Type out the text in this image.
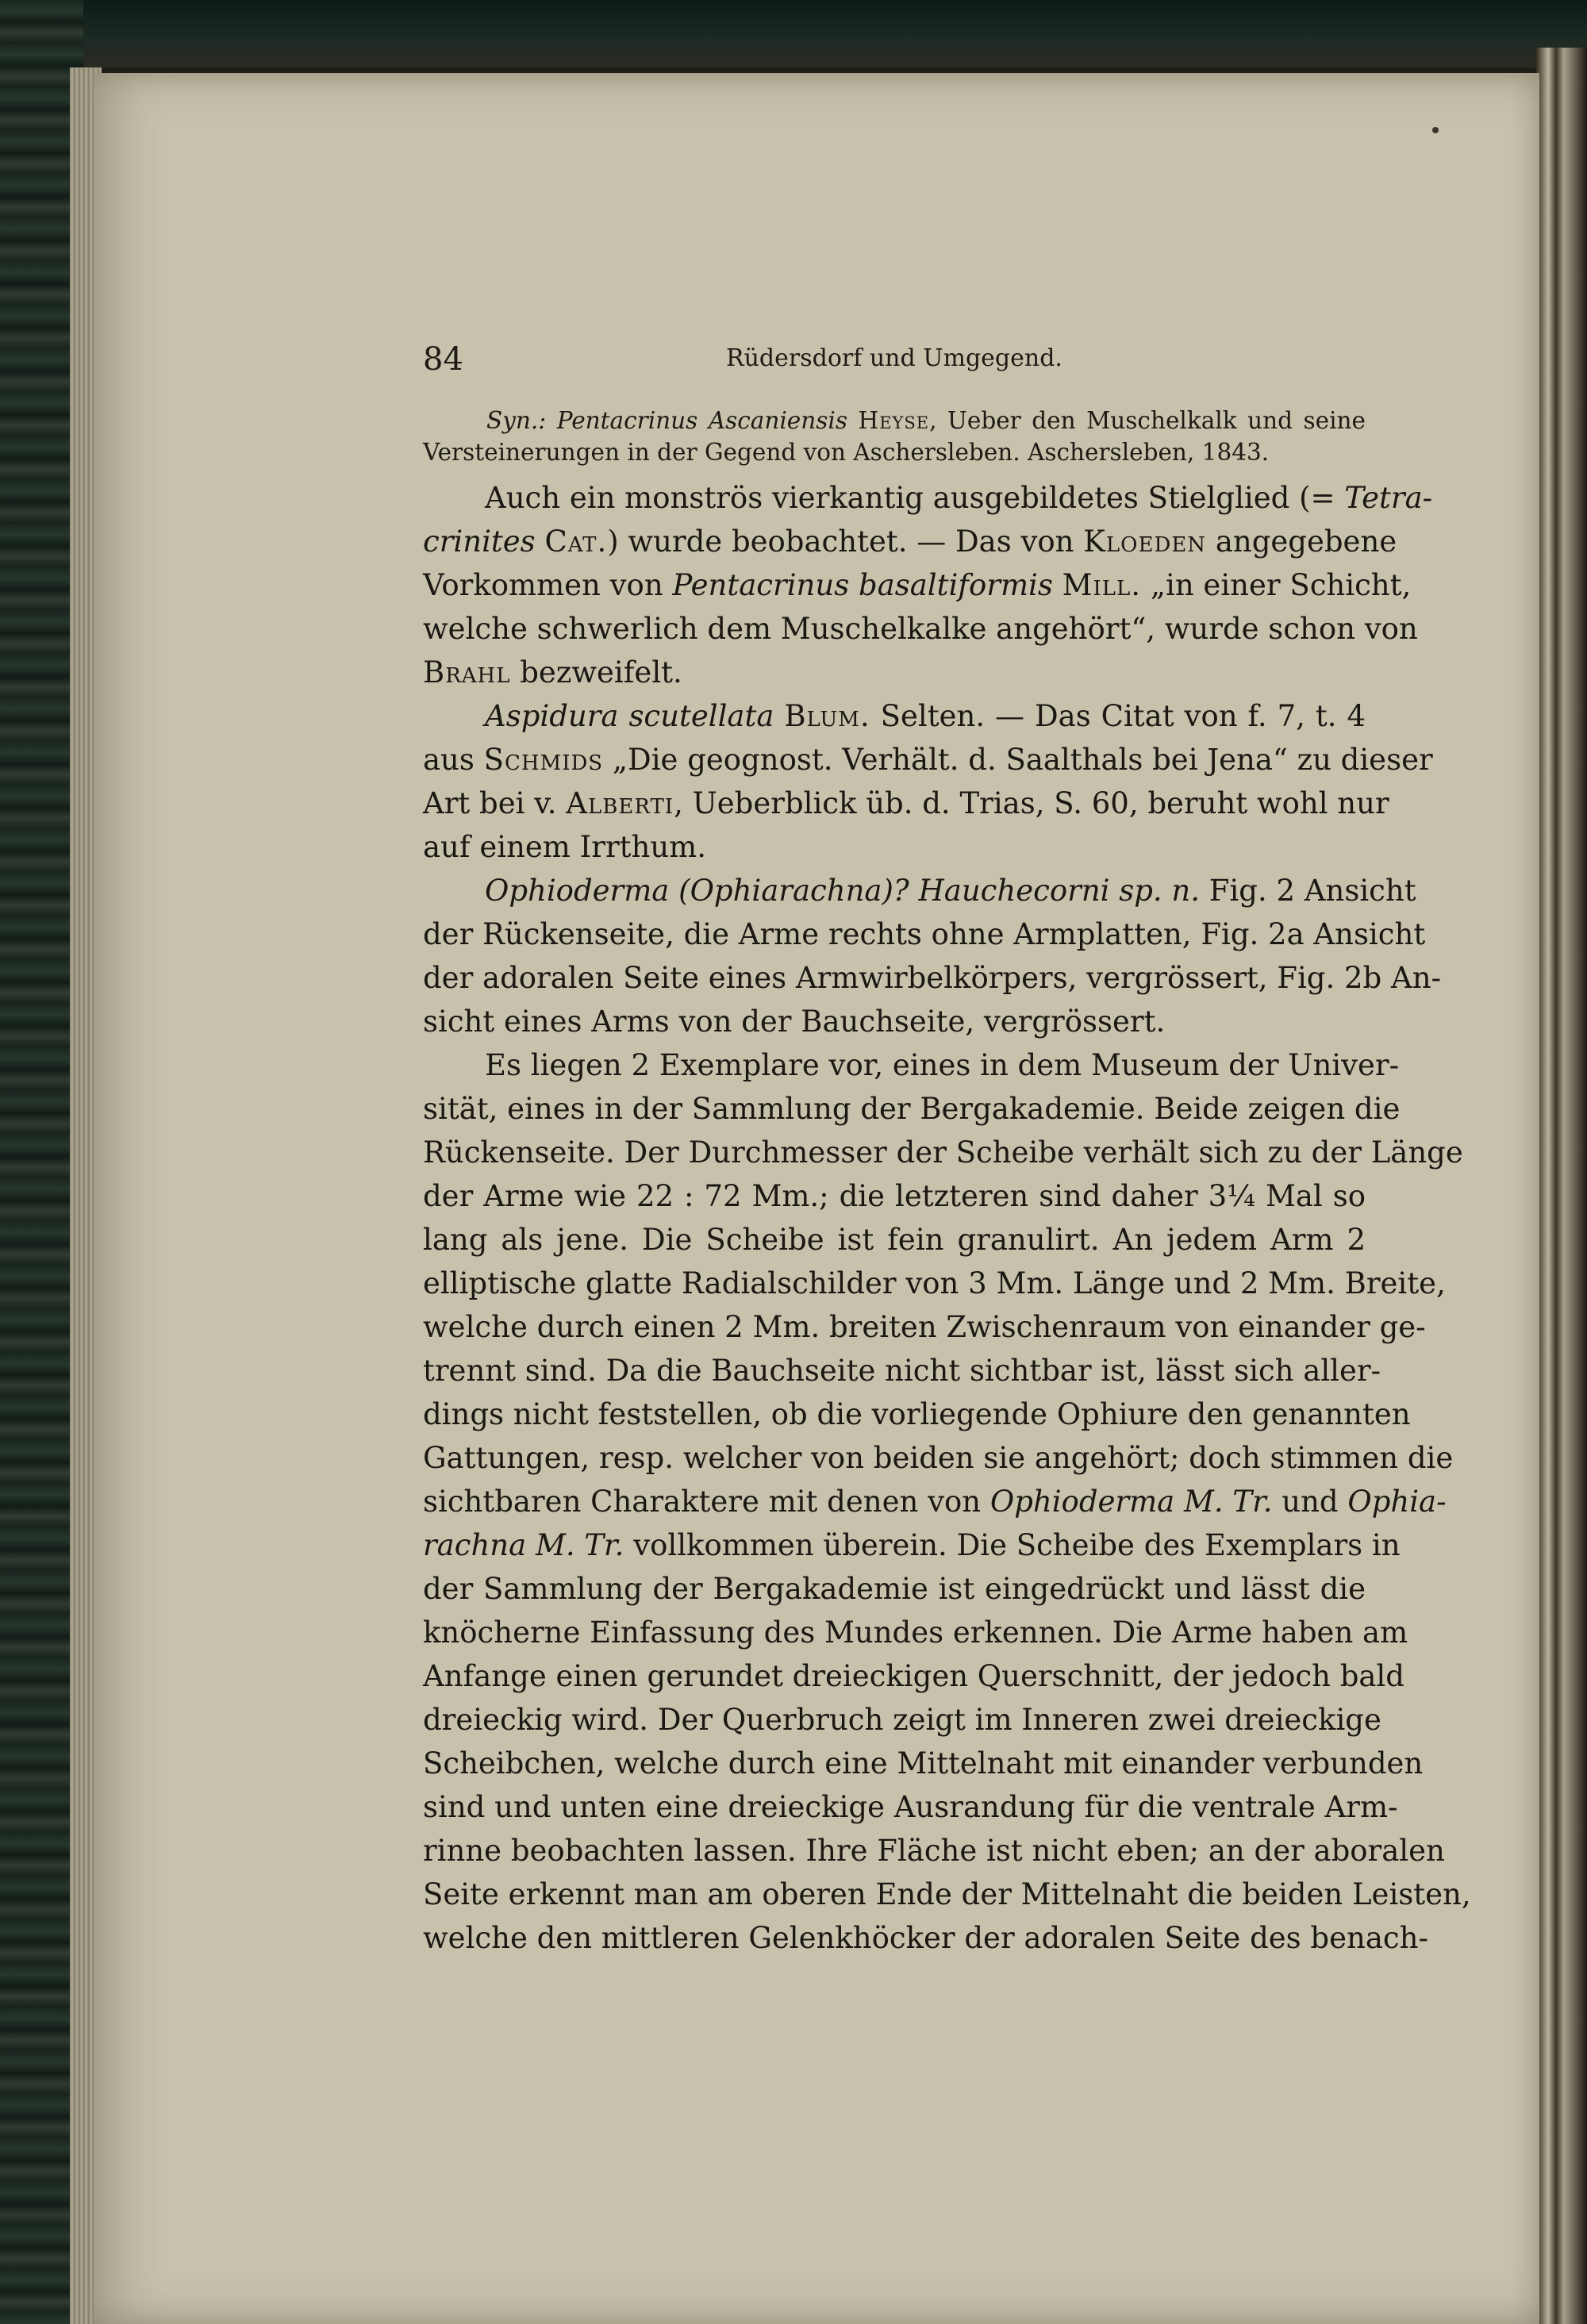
84	Rüdersdorf und Umgegend.
Syn.: Pentacrinus Ascaniensis Heyse, Ueber den Muschelkalk und seine Versteinerungen in der Gegend von Aschersleben. Aschersleben, 1843.

Auch ein monströs vierkantig ausgebildetes Stielglied (= Tetra-
crinites Cat.) wurde beobachtet. — Das von Kloeden angegebene
Vorkommen von Pentacrinus basaltiformis Mill. „in einer Schicht,
welche schwerlich dem Muschelkalke angehört“, wurde schon von
Brahl bezweifelt.

Aspidura scutellata Blum. Selten. — Das Citat von f. 7, t. 4
aus Schmids „Die geognost. Verhält. d. Saalthals bei Jena“ zu dieser
Art bei v. Alberti, Ueberblick üb. d. Trias, S. 60, beruht wohl nur
auf einem Irrthum.

Ophioderma (Ophiarachna)? Hauchecorni sp. n. Fig. 2 Ansicht
der Rückenseite, die Arme rechts ohne Armplatten, Fig. 2a Ansicht
der adoralen Seite eines Armwirbelkörpers, vergrössert, Fig. 2b An-
sicht eines Arms von der Bauchseite, vergrössert.

Es liegen 2 Exemplare vor, eines in dem Museum der Univer-
sität, eines in der Sammlung der Bergakademie. Beide zeigen die
Rückenseite. Der Durchmesser der Scheibe verhält sich zu der Länge
der Arme wie 22 : 72 Mm.; die letzteren sind daher 3¼ Mal so
lang als jene. Die Scheibe ist fein granulirt. An jedem Arm 2
elliptische glatte Radialschilder von 3 Mm. Länge und 2 Mm. Breite,
welche durch einen 2 Mm. breiten Zwischenraum von einander ge-
trennt sind. Da die Bauchseite nicht sichtbar ist, lässt sich aller-
dings nicht feststellen, ob die vorliegende Ophiure den genannten
Gattungen, resp. welcher von beiden sie angehört; doch stimmen die
sichtbaren Charaktere mit denen von Ophioderma M. Tr. und Ophia-
rachna M. Tr. vollkommen überein. Die Scheibe des Exemplars in
der Sammlung der Bergakademie ist eingedrückt und lässt die
knöcherne Einfassung des Mundes erkennen. Die Arme haben am
Anfange einen gerundet dreieckigen Querschnitt, der jedoch bald
dreieckig wird. Der Querbruch zeigt im Inneren zwei dreieckige
Scheibchen, welche durch eine Mittelnaht mit einander verbunden
sind und unten eine dreieckige Ausrandung für die ventrale Arm-
rinne beobachten lassen. Ihre Fläche ist nicht eben; an der aboralen
Seite erkennt man am oberen Ende der Mittelnaht die beiden Leisten,
welche den mittleren Gelenkhöcker der adoralen Seite des benach-
